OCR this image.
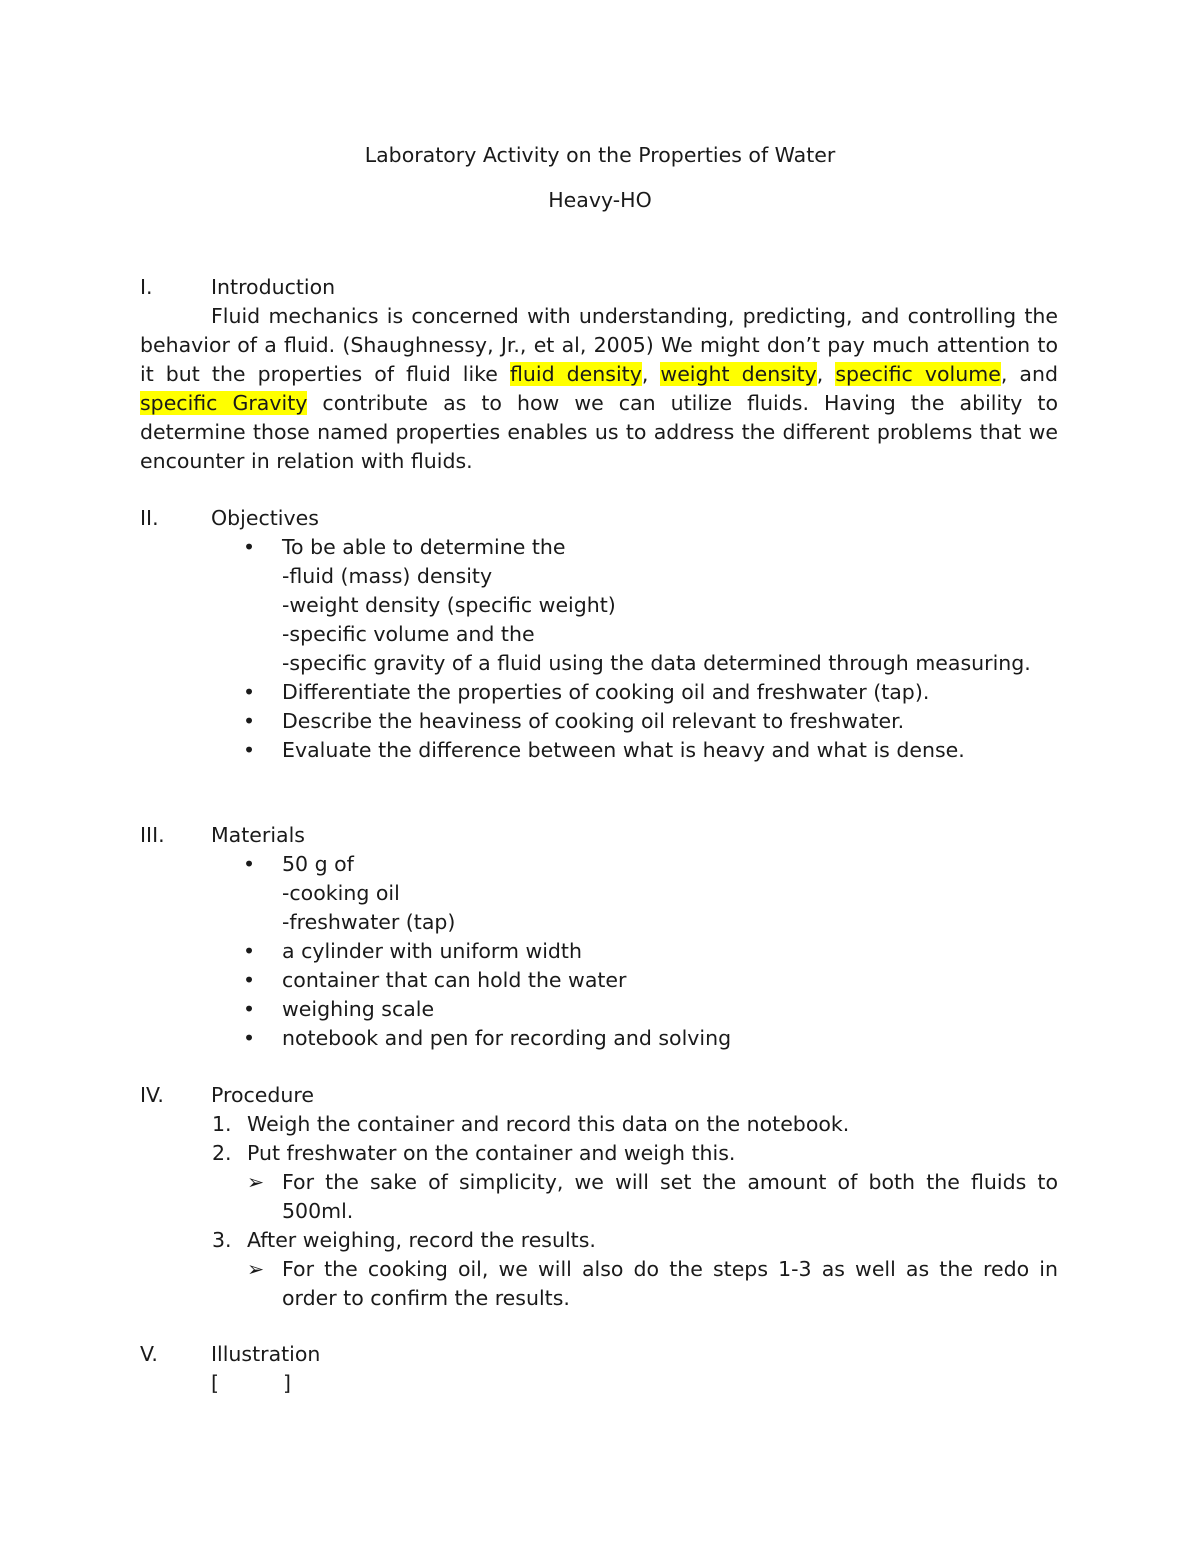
Laboratory Activity on the Properties of Water
Heavy-HO
I.	Introduction

Fluid mechanics is concerned with understanding, predicting, and controlling the behavior of a fluid. (Shaughnessy, Jr., et al, 2005) We might don’t pay much attention to it but the properties of fluid like fluid density, weight density, specific volume, and specific Gravity contribute as to how we can utilize fluids. Having the ability to determine those named properties enables us to address the different problems that we encounter in relation with fluids.

II.	Objectives
• To be able to determine the
-fluid (mass) density
-weight density (specific weight)
-specific volume and the
-specific gravity of a fluid using the data determined through measuring.
• Differentiate the properties of cooking oil and freshwater (tap).
• Describe the heaviness of cooking oil relevant to freshwater.
• Evaluate the difference between what is heavy and what is dense.
III. Materials
• 50 g of
-cooking oil
-freshwater (tap)
• a cylinder with uniform width
• container that can hold the water
• weighing scale
• notebook and pen for recording and solving
IV. Procedure
1. Weigh the container and record this data on the notebook.
2. Put freshwater on the container and weigh this.
➢ For the sake of simplicity, we will set the amount of both the fluids to 500ml.
3. After weighing, record the results.
➢ For the cooking oil, we will also do the steps 1-3 as well as the redo in order to confirm the results.
V.	Illustration
[	]
